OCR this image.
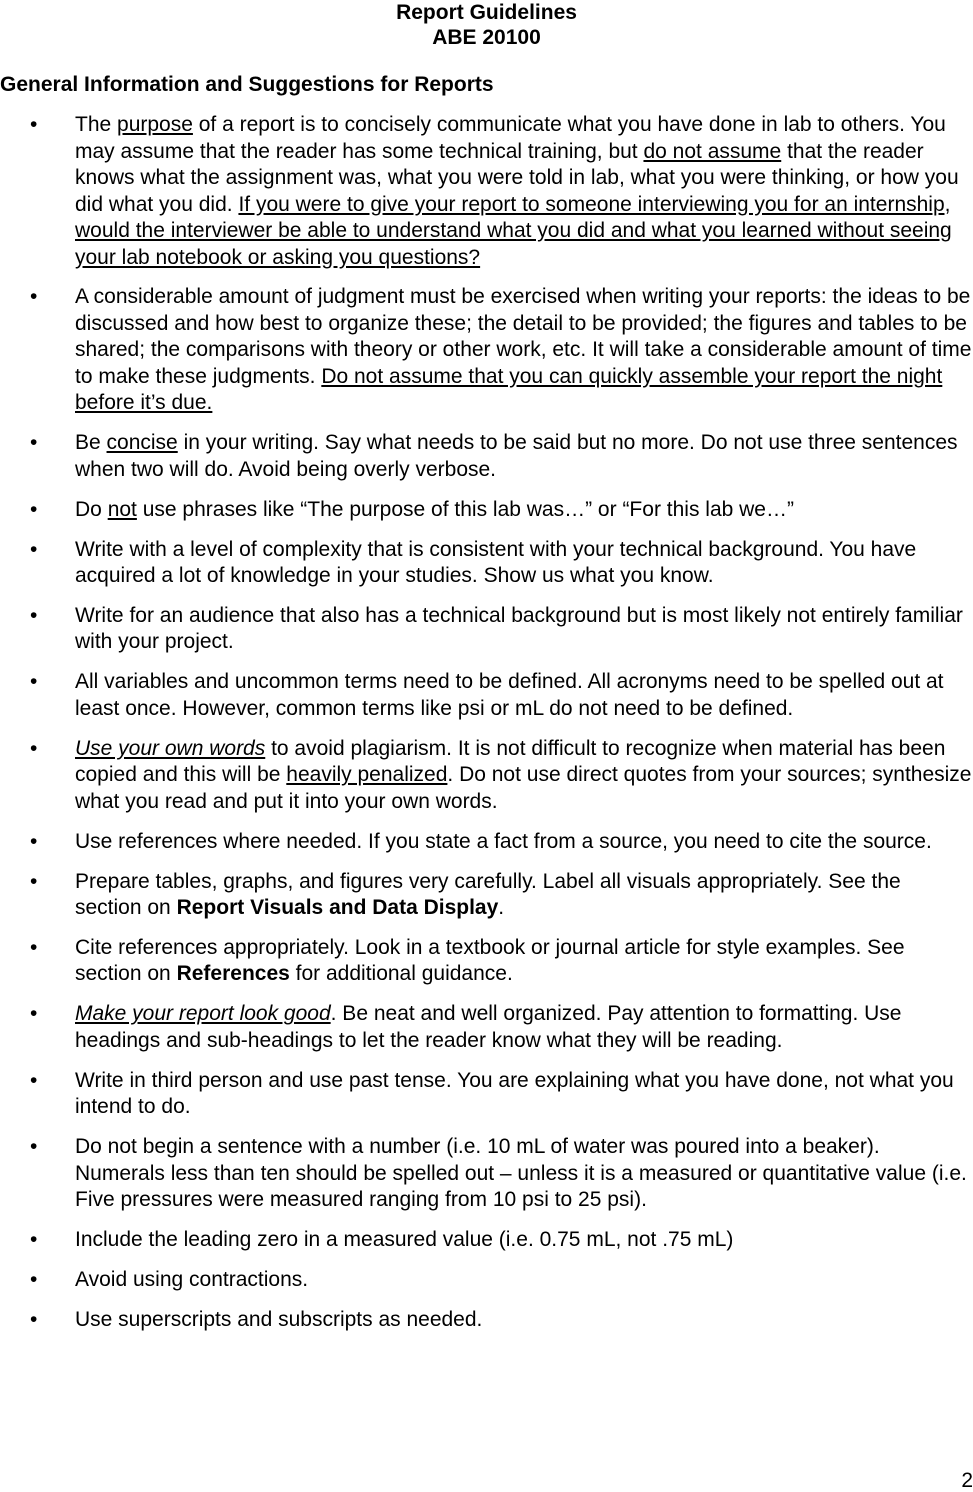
Report Guidelines
ABE 20100
General Information and Suggestions for Reports
• The purpose of a report is to concisely communicate what you have done in lab to others. You may assume that the reader has some technical training, but do not assume that the reader knows what the assignment was, what you were told in lab, what you were thinking, or how you did what you did. If you were to give your report to someone interviewing you for an internship, would the interviewer be able to understand what you did and what you learned without seeing your lab notebook or asking you questions?
• A considerable amount of judgment must be exercised when writing your reports: the ideas to be discussed and how best to organize these; the detail to be provided; the figures and tables to be shared; the comparisons with theory or other work, etc. It will take a considerable amount of time to make these judgments. Do not assume that you can quickly assemble your report the night before it’s due.
• Be concise in your writing. Say what needs to be said but no more. Do not use three sentences when two will do. Avoid being overly verbose.
• Do not use phrases like “The purpose of this lab was…” or “For this lab we…”
• Write with a level of complexity that is consistent with your technical background. You have acquired a lot of knowledge in your studies. Show us what you know.
• Write for an audience that also has a technical background but is most likely not entirely familiar with your project.
• All variables and uncommon terms need to be defined. All acronyms need to be spelled out at least once. However, common terms like psi or mL do not need to be defined.
• Use your own words to avoid plagiarism. It is not difficult to recognize when material has been copied and this will be heavily penalized. Do not use direct quotes from your sources; synthesize what you read and put it into your own words.
• Use references where needed. If you state a fact from a source, you need to cite the source.
• Prepare tables, graphs, and figures very carefully. Label all visuals appropriately. See the section on Report Visuals and Data Display.
• Cite references appropriately. Look in a textbook or journal article for style examples. See section on References for additional guidance.
• Make your report look good. Be neat and well organized. Pay attention to formatting. Use headings and sub-headings to let the reader know what they will be reading.
• Write in third person and use past tense. You are explaining what you have done, not what you intend to do.
• Do not begin a sentence with a number (i.e. 10 mL of water was poured into a beaker). Numerals less than ten should be spelled out – unless it is a measured or quantitative value (i.e. Five pressures were measured ranging from 10 psi to 25 psi).
• Include the leading zero in a measured value (i.e. 0.75 mL, not .75 mL)
• Avoid using contractions.
• Use superscripts and subscripts as needed.
2
